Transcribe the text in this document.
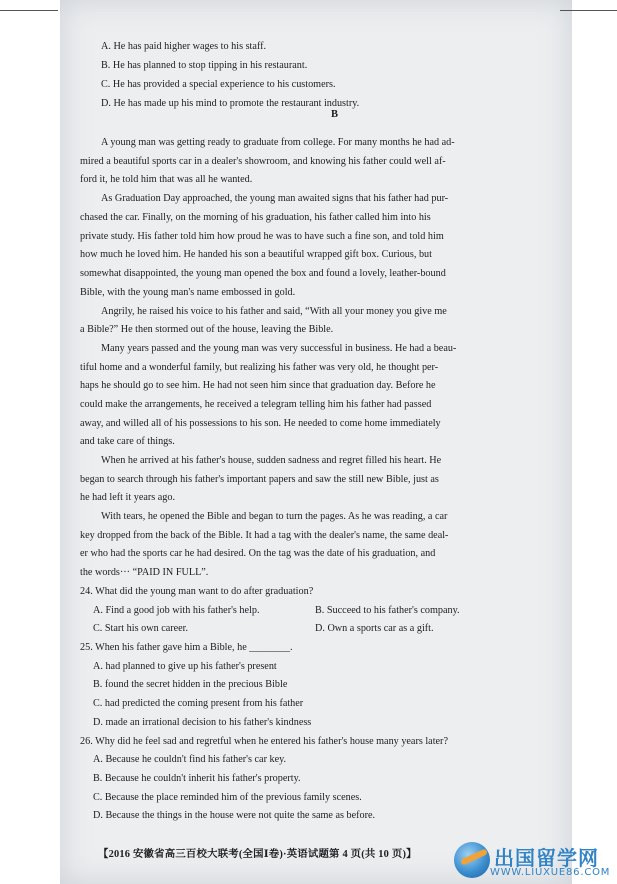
A. He has paid higher wages to his staff.
B. He has planned to stop tipping in his restaurant.
C. He has provided a special experience to his customers.
D. He has made up his mind to promote the restaurant industry.
B
A young man was getting ready to graduate from college. For many months he had ad-
mired a beautiful sports car in a dealer's showroom, and knowing his father could well af-
ford it, he told him that was all he wanted.
As Graduation Day approached, the young man awaited signs that his father had pur-
chased the car. Finally, on the morning of his graduation, his father called him into his
private study. His father told him how proud he was to have such a fine son, and told him
how much he loved him. He handed his son a beautiful wrapped gift box. Curious, but
somewhat disappointed, the young man opened the box and found a lovely, leather-bound
Bible, with the young man's name embossed in gold.
Angrily, he raised his voice to his father and said, “With all your money you give me
a Bible?” He then stormed out of the house, leaving the Bible.
Many years passed and the young man was very successful in business. He had a beau-
tiful home and a wonderful family, but realizing his father was very old, he thought per-
haps he should go to see him. He had not seen him since that graduation day. Before he
could make the arrangements, he received a telegram telling him his father had passed
away, and willed all of his possessions to his son. He needed to come home immediately
and take care of things.
When he arrived at his father's house, sudden sadness and regret filled his heart. He
began to search through his father's important papers and saw the still new Bible, just as
he had left it years ago.
With tears, he opened the Bible and began to turn the pages. As he was reading, a car
key dropped from the back of the Bible. It had a tag with the dealer's name, the same deal-
er who had the sports car he had desired. On the tag was the date of his graduation, and
the words··· “PAID IN FULL”.
24. What did the young man want to do after graduation?
A. Find a good job with his father's help.	B. Succeed to his father's company.
C. Start his own career.	D. Own a sports car as a gift.
25. When his father gave him a Bible, he ________.
A. had planned to give up his father's present
B. found the secret hidden in the precious Bible
C. had predicted the coming present from his father
D. made an irrational decision to his father's kindness
26. Why did he feel sad and regretful when he entered his father's house many years later?
A. Because he couldn't find his father's car key.
B. Because he couldn't inherit his father's property.
C. Because the place reminded him of the previous family scenes.
D. Because the things in the house were not quite the same as before.
【2016 安徽省高三百校大联考(全国Ⅰ卷)·英语试题第 4 页(共 10 页)】	出国留学网
WWW.LIUXUE86.COM
